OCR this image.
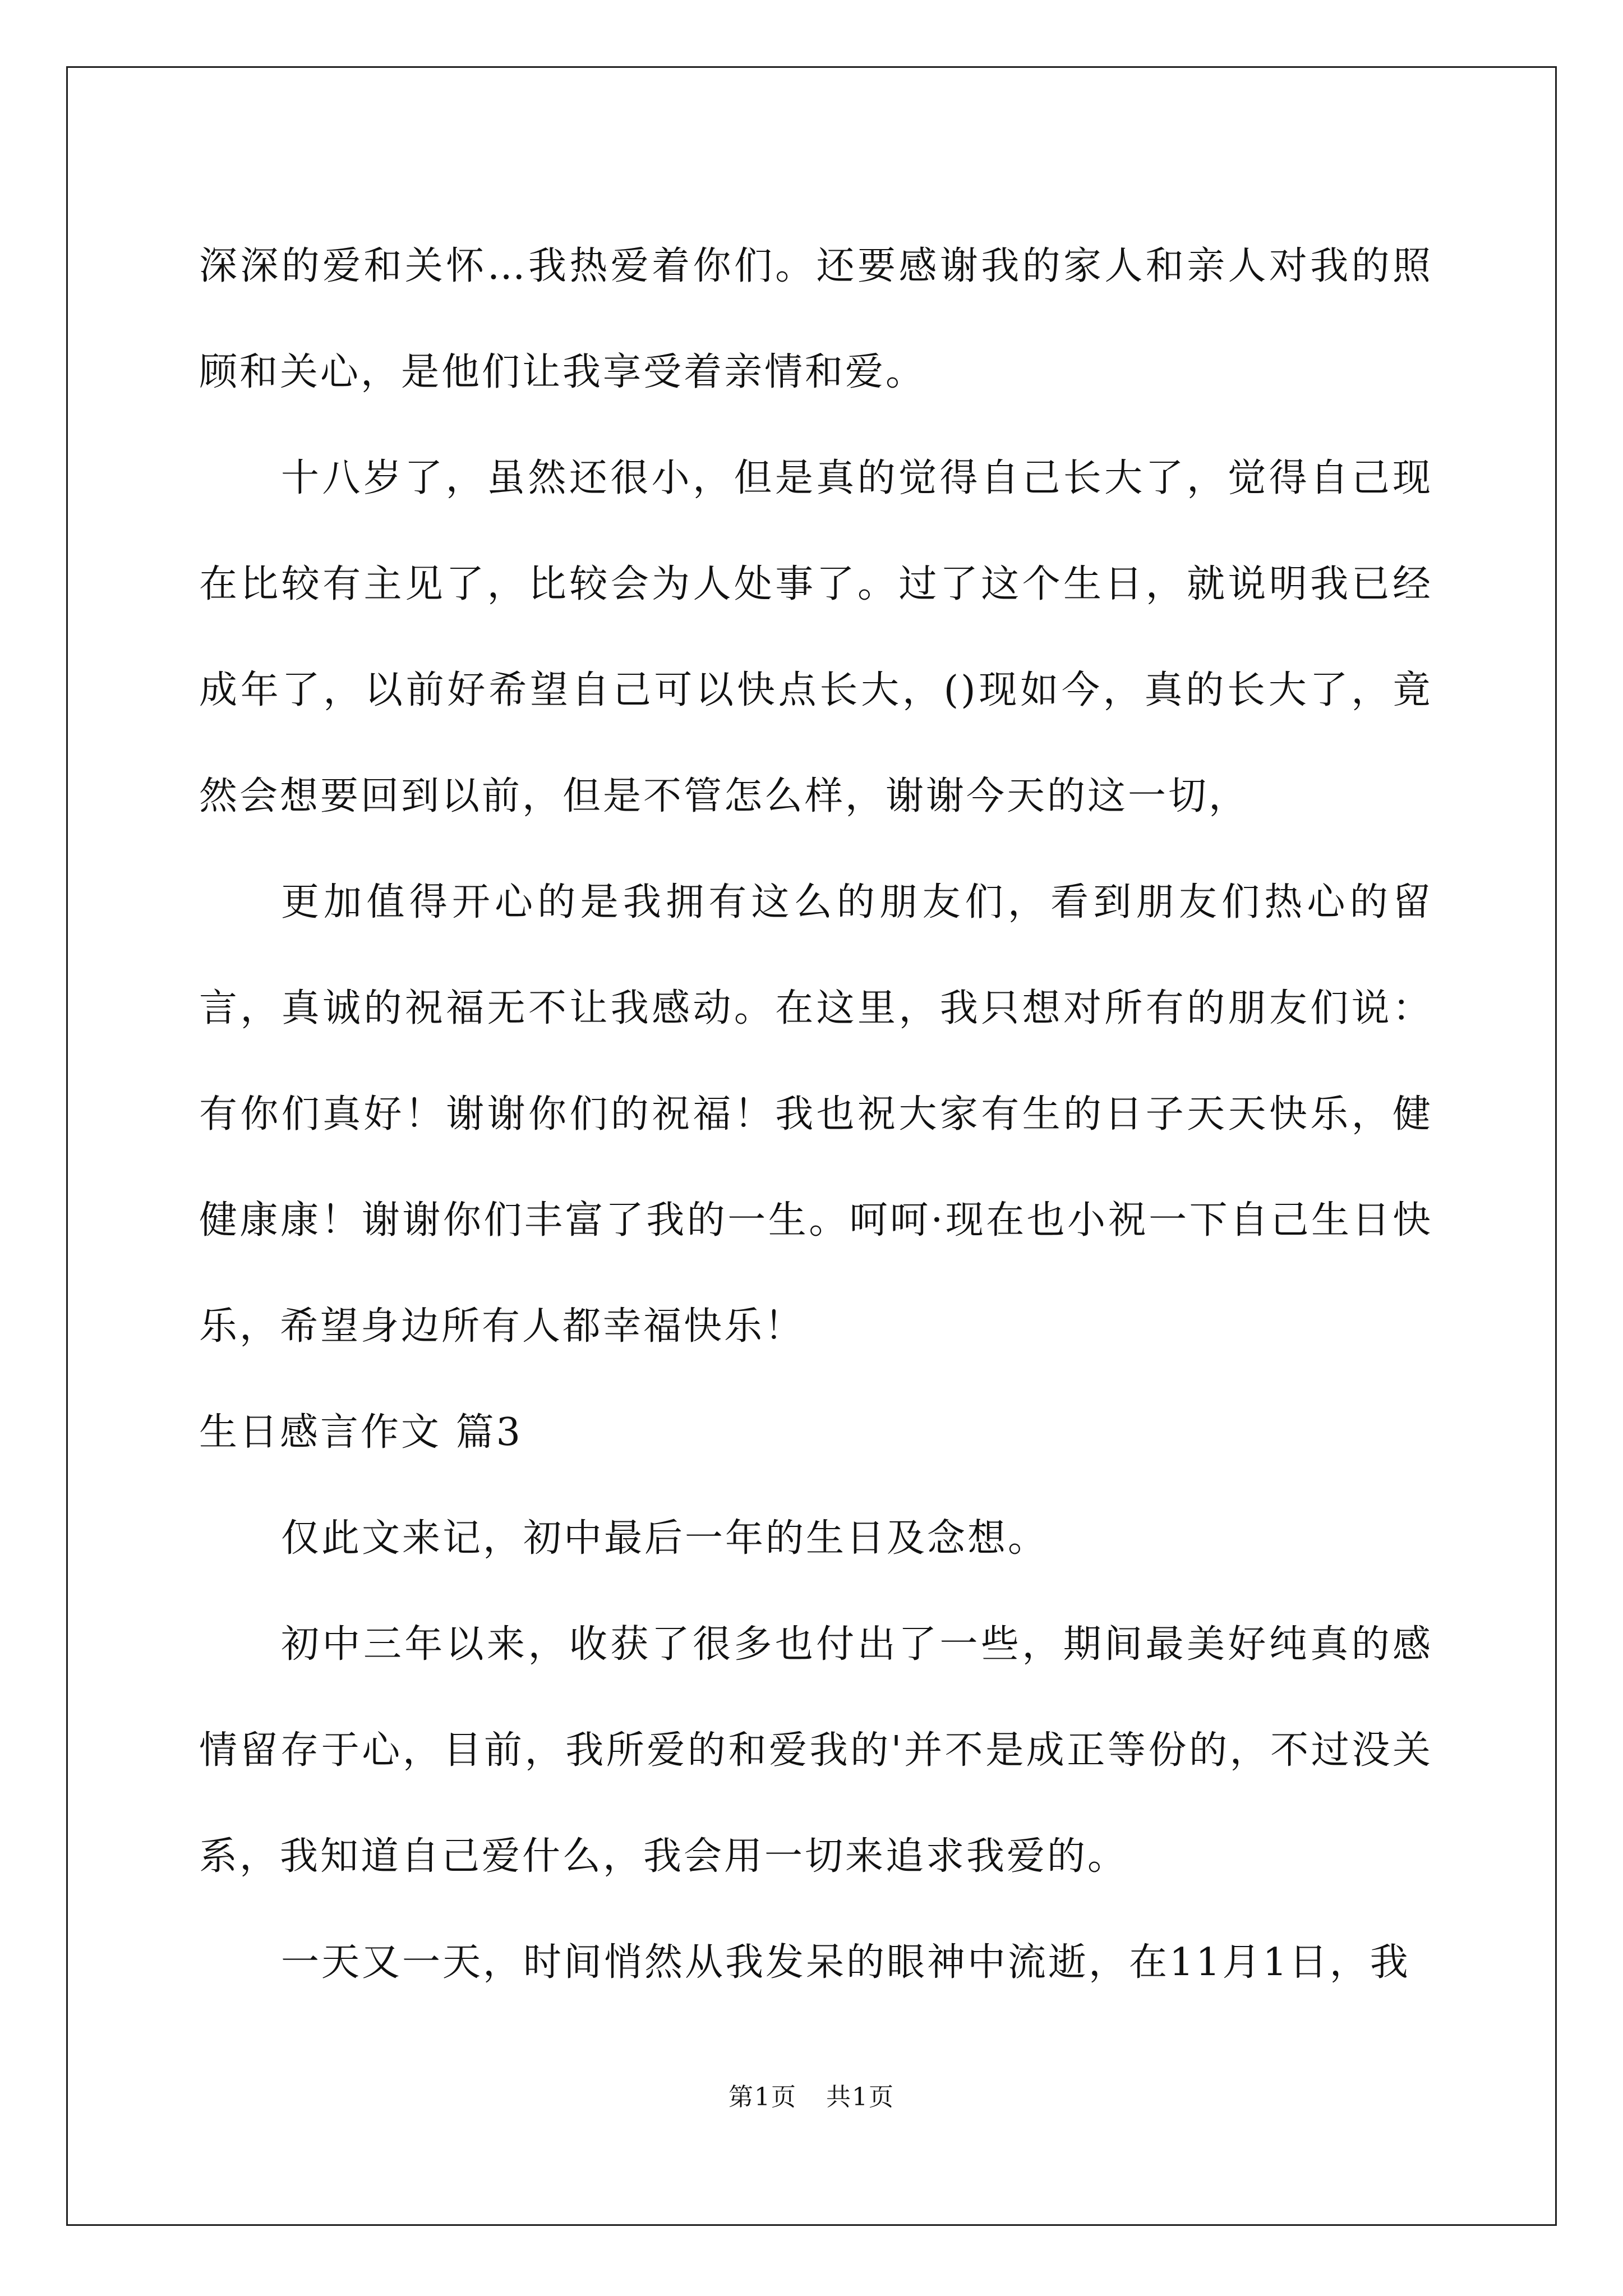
深深的爱和关怀…我热爱着你们。还要感谢我的家人和亲人对我的照顾和关心，是他们让我享受着亲情和爱。

十八岁了，虽然还很小，但是真的觉得自己长大了，觉得自己现在比较有主见了，比较会为人处事了。过了这个生日，就说明我已经成年了，以前好希望自己可以快点长大，()现如今，真的长大了，竟然会想要回到以前，但是不管怎么样，谢谢今天的这一切，

更加值得开心的是我拥有这么的朋友们，看到朋友们热心的留言，真诚的祝福无不让我感动。在这里，我只想对所有的朋友们说：有你们真好！谢谢你们的祝福！我也祝大家有生的日子天天快乐，健健康康！谢谢你们丰富了我的一生。呵呵·现在也小祝一下自己生日快乐，希望身边所有人都幸福快乐！

生日感言作文 篇3

仅此文来记，初中最后一年的生日及念想。

初中三年以来，收获了很多也付出了一些，期间最美好纯真的感情留存于心，目前，我所爱的和爱我的'并不是成正等份的，不过没关系，我知道自己爱什么，我会用一切来追求我爱的。

一天又一天，时间悄然从我发呆的眼神中流逝，在11月1日，我

第1页 共1页
